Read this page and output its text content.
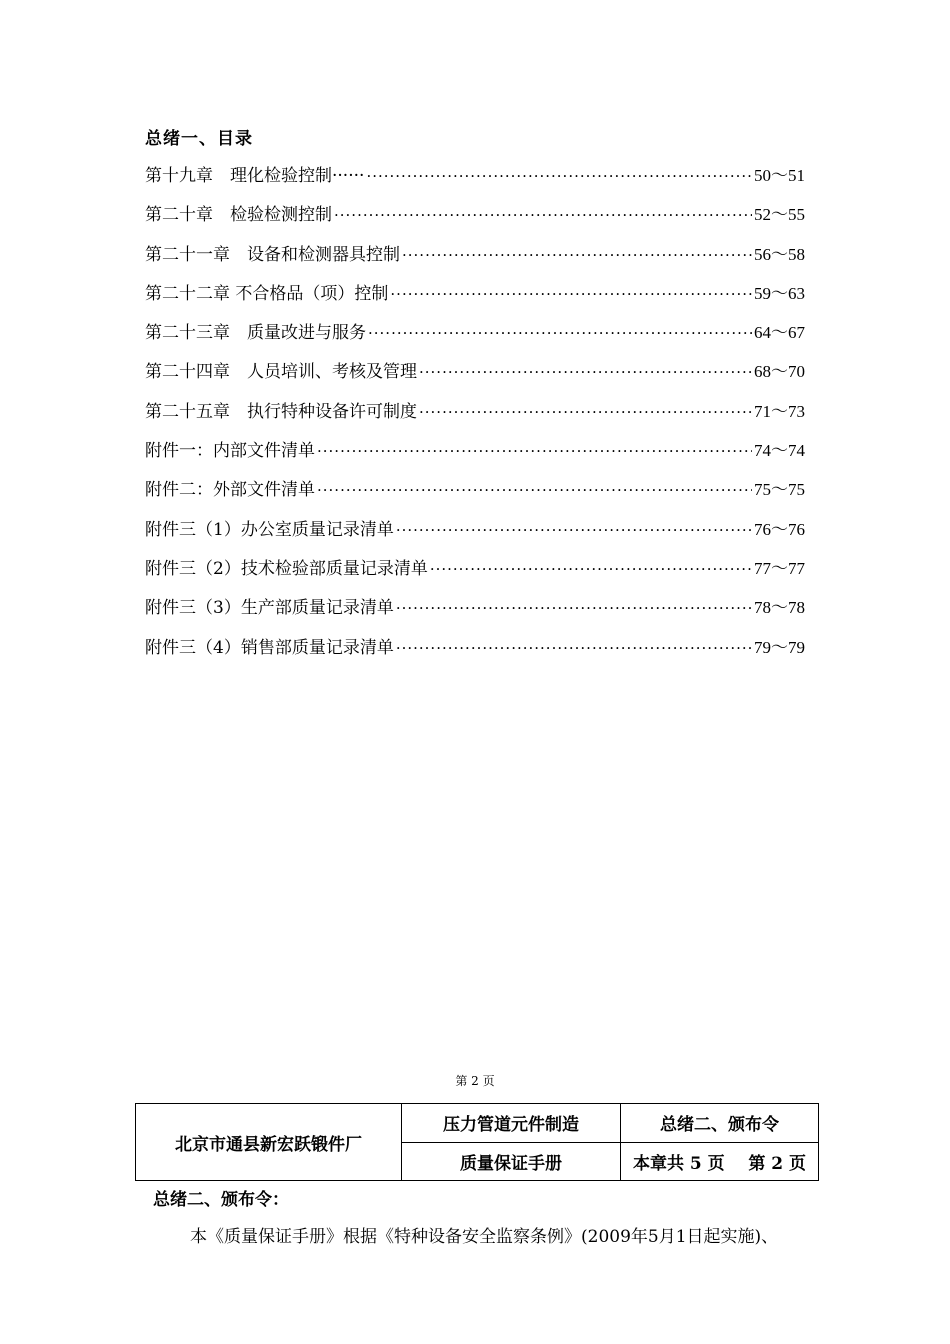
总绪一、目录
第十九章　理化检验控制······ ·····	50～51
第二十章　检验检测控制 ·····	52～55
第二十一章　设备和检测器具控制 ·····	56～58
第二十二章 不合格品（项）控制 ·····	59～63
第二十三章　质量改进与服务 ·····	64～67
第二十四章　人员培训、考核及管理 ·····	68～70
第二十五章　执行特种设备许可制度 ·····	71～73
附件一：内部文件清单 ·····	74～74
附件二：外部文件清单 ·····	75～75
附件三（1）办公室质量记录清单 ·····	76～76
附件三（2）技术检验部质量记录清单 ·····	77～77
附件三（3）生产部质量记录清单 ·····	78～78
附件三（4）销售部质量记录清单 ·····	79～79
第 2 页
北京市通县新宏跃锻件厂	压力管道元件制造	总绪二、颁布令
	质量保证手册	本章共 5 页 第 2 页
总绪二、颁布令：
本《质量保证手册》根据《特种设备安全监察条例》(2009年5月1日起实施)、
